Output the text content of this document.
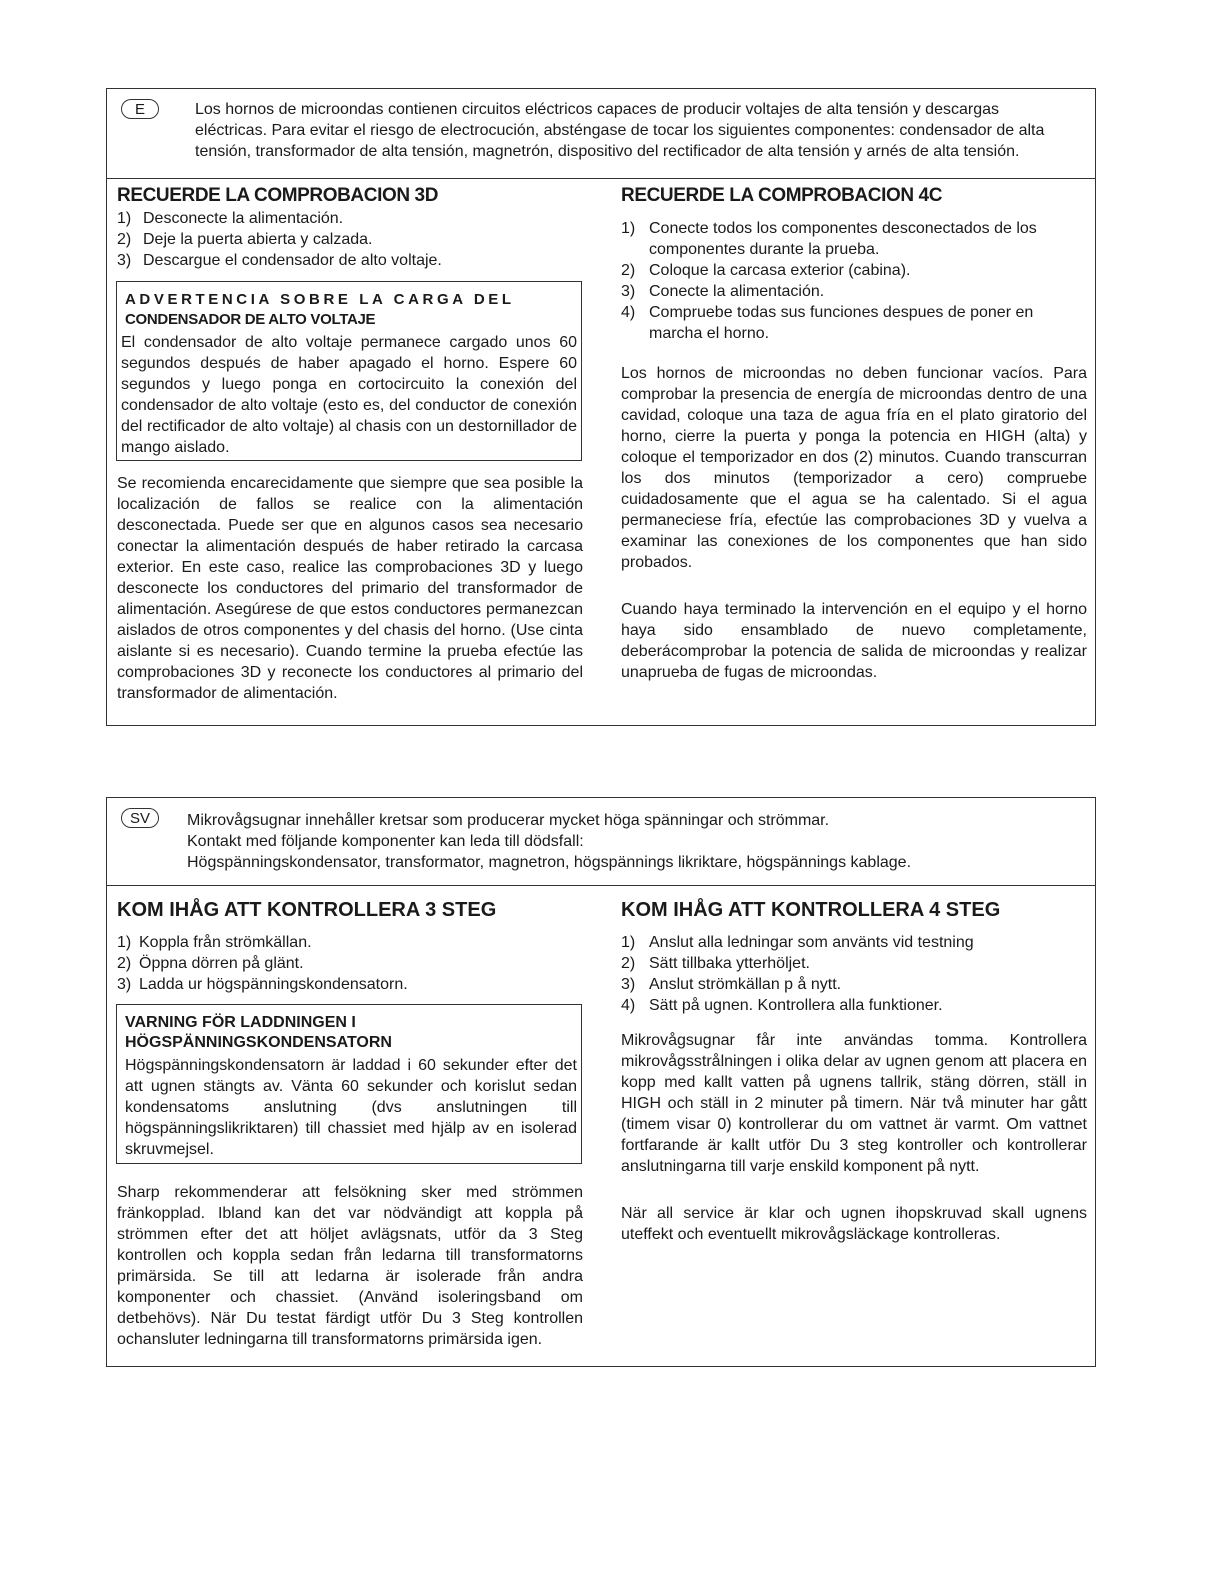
E	Los hornos de microondas contienen circuitos eléctricos capaces de producir voltajes de alta tensión y descargas
eléctricas. Para evitar el riesgo de electrocución, absténgase de tocar los siguientes componentes: condensador de alta
tensión, transformador de alta tensión, magnetrón, dispositivo del rectificador de alta tensión y arnés de alta tensión.
RECUERDE LA COMPROBACION 3D
1) Desconecte la alimentación.
2) Deje la puerta abierta y calzada.
3) Descargue el condensador de alto voltaje.
ADVERTENCIA SOBRE LA CARGA DEL
CONDENSADOR DE ALTO VOLTAJE
El condensador de alto voltaje permanece cargado unos 60 segundos después de haber apagado el horno. Espere 60 segundos y luego ponga en cortocircuito la conexión del condensador de alto voltaje (esto es, del conductor de conexión del rectificador de alto voltaje) al chasis con un destornillador de mango aislado.

Se recomienda encarecidamente que siempre que sea posible la localización de fallos se realice con la alimentación desconectada. Puede ser que en algunos casos sea necesario conectar la alimentación después de haber retirado la carcasa exterior. En este caso, realice las comprobaciones 3D y luego desconecte los conductores del primario del transformador de alimentación. Asegúrese de que estos conductores permanezcan aislados de otros componentes y del chasis del horno. (Use cinta aislante si es necesario). Cuando termine la prueba efectúe las comprobaciones 3D y reconecte los conductores al primario del transformador de alimentación.

RECUERDE LA COMPROBACION 4C
1) Conecte todos los componentes desconectados de los componentes durante la prueba.
2) Coloque la carcasa exterior (cabina).
3) Conecte la alimentación.
4) Compruebe todas sus funciones despues de poner en marcha el horno.

Los hornos de microondas no deben funcionar vacíos. Para comprobar la presencia de energía de microondas dentro de una cavidad, coloque una taza de agua fría en el plato giratorio del horno, cierre la puerta y ponga la potencia en HIGH (alta) y coloque el temporizador en dos (2) minutos. Cuando transcurran los dos minutos (temporizador a cero) compruebe cuidadosamente que el agua se ha calentado. Si el agua permaneciese fría, efectúe las comprobaciones 3D y vuelva a examinar las conexiones de los componentes que han sido probados.

Cuando haya terminado la intervención en el equipo y el horno haya sido ensamblado de nuevo completamente, deberácomprobar la potencia de salida de microondas y realizar unaprueba de fugas de microondas.

SV	Mikrovågsugnar innehåller kretsar som producerar mycket höga spänningar och strömmar.
Kontakt med följande komponenter kan leda till dödsfall:
Högspänningskondensator, transformator, magnetron, högspännings likriktare, högspännings kablage.
KOM IHÅG ATT KONTROLLERA 3 STEG
1) Koppla från strömkällan.
2) Öppna dörren på glänt.
3) Ladda ur högspänningskondensatorn.
VARNING FÖR LADDNINGEN I
HÖGSPÄNNINGSKONDENSATORN
Högspänningskondensatorn är laddad i 60 sekunder efter det att ugnen stängts av. Vänta 60 sekunder och korislut sedan kondensatoms anslutning (dvs anslutningen till högspänningslikriktaren) till chassiet med hjälp av en isolerad skruvmejsel.

Sharp rekommenderar att felsökning sker med strömmen fränkopplad. Ibland kan det var nödvändigt att koppla på strömmen efter det att höljet avlägsnats, utför da 3 Steg kontrollen och koppla sedan från ledarna till transformatorns primärsida. Se till att ledarna är isolerade från andra komponenter och chassiet. (Använd isoleringsband om detbehövs). När Du testat färdigt utför Du 3 Steg kontrollen ochansluter ledningarna till transformatorns primärsida igen.

KOM IHÅG ATT KONTROLLERA 4 STEG
1) Anslut alla ledningar som använts vid testning
2) Sätt tillbaka ytterhöljet.
3) Anslut strömkällan p å nytt.
4) Sätt på ugnen. Kontrollera alla funktioner.

Mikrovågsugnar får inte användas tomma. Kontrollera mikrovågsstrålningen i olika delar av ugnen genom att placera en kopp med kallt vatten på ugnens tallrik, stäng dörren, ställ in HIGH och ställ in 2 minuter på timern. När två minuter har gått (timem visar 0) kontrollerar du om vattnet är varmt. Om vattnet fortfarande är kallt utför Du 3 steg kontroller och kontrollerar anslutningarna till varje enskild komponent på nytt.

När all service är klar och ugnen ihopskruvad skall ugnens uteffekt och eventuellt mikrovågsläckage kontrolleras.
